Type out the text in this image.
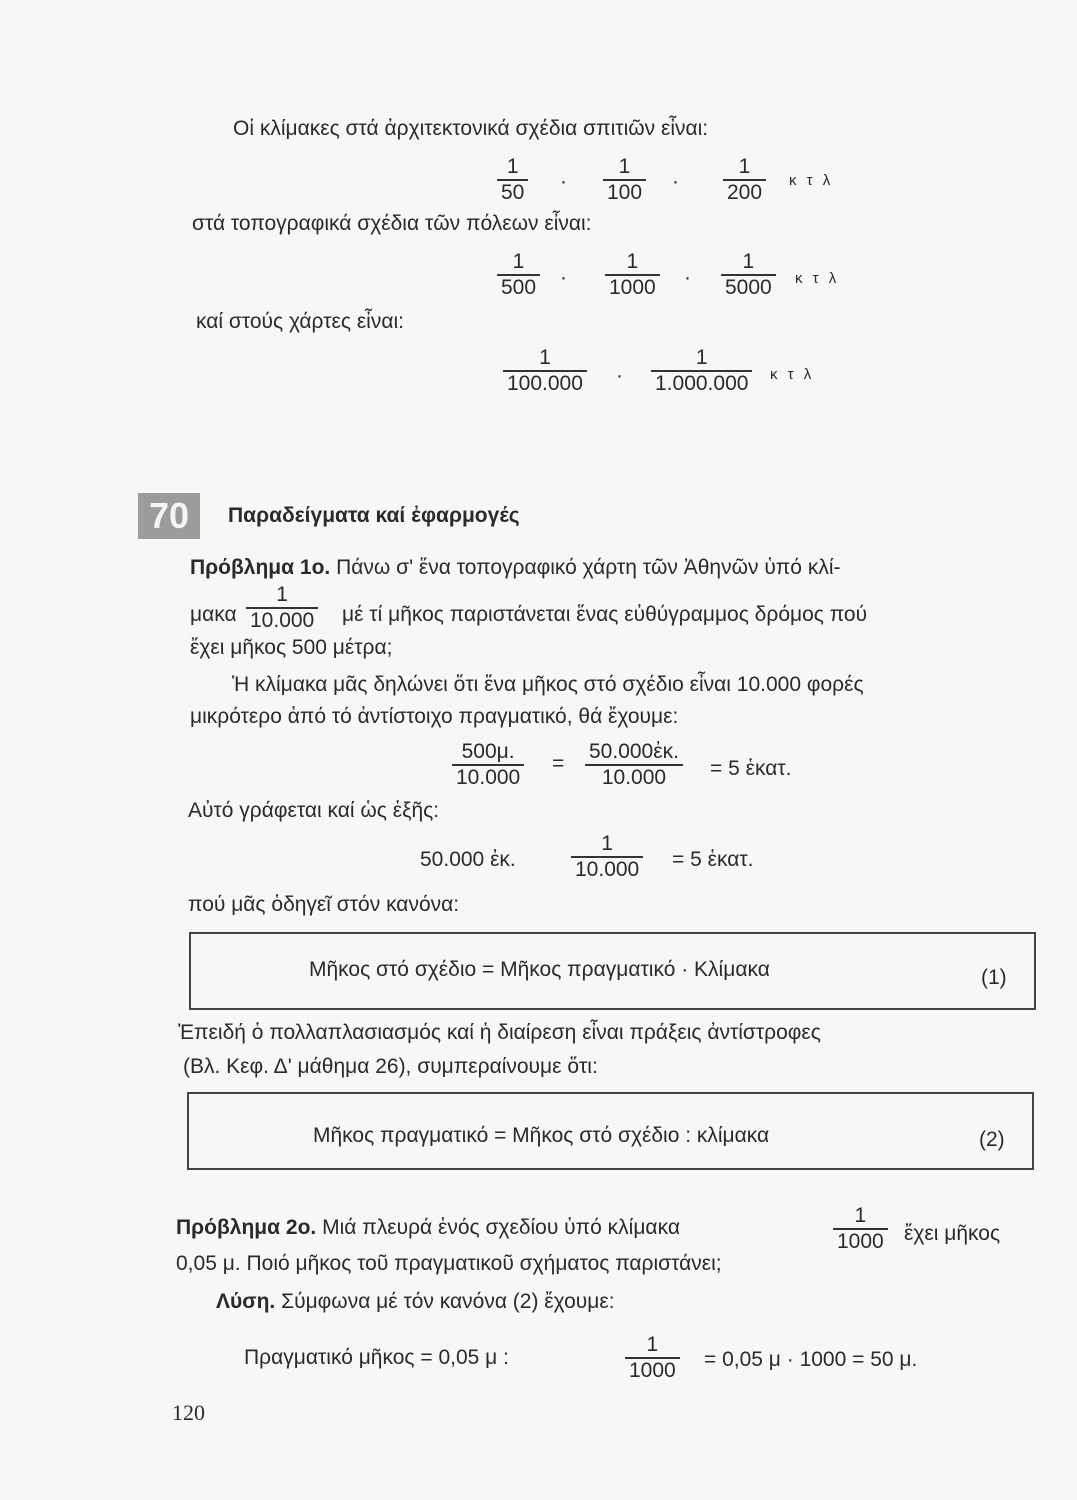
Οἱ κλίμακες στά ἀρχιτεκτονικά σχέδια σπιτιῶν εἶναι:
$\frac{1}{50} \cdot \frac{1}{100} \cdot \frac{1}{200}$ κ τ λ
στά τοπογραφικά σχέδια τῶν πόλεων εἶναι:
$\frac{1}{500} \cdot \frac{1}{1000} \cdot \frac{1}{5000}$ κ τ λ
καί στούς χάρτες εἶναι:
$\frac{1}{100.000} \cdot \frac{1}{1.000.000}$ κ τ λ
70	Παραδείγματα καί ἐφαρμογές
Πρόβλημα 1ο. Πάνω σ' ἕνα τοπογραφικό χάρτη τῶν Ἀθηνῶν ὑπό κλί-
μακα $\frac{1}{10.000}$ μέ τί μῆκος παριστάνεται ἕνας εὐθύγραμμος δρόμος πού
ἔχει μῆκος 500 μέτρα;
Ἡ κλίμακα μᾶς δηλώνει ὅτι ἕνα μῆκος στό σχέδιο εἶναι 10.000 φορές
μικρότερο ἀπό τό ἀντίστοιχο πραγματικό, θά ἔχουμε:
$\frac{500\mu.}{10.000} = \frac{\text{50.000ἐκ.}}{10.000} = 5$ ἑκατ.
Αὐτό γράφεται καί ὡς ἑξῆς:
50.000 ἐκ.	$\frac{1}{10.000} = 5$ ἑκατ.
πού μᾶς ὁδηγεῖ στόν κανόνα:
Μῆκος στό σχέδιο = Μῆκος πραγματικό · Κλίμακα	(1)
Ἐπειδή ὁ πολλαπλασιασμός καί ἡ διαίρεση εἶναι πράξεις ἀντίστροφες
(Βλ. Κεφ. Δ' μάθημα 26), συμπεραίνουμε ὅτι:
Μῆκος πραγματικό = Μῆκος στό σχέδιο : κλίμακα	(2)
Πρόβλημα 2ο. Μιά πλευρά ἑνός σχεδίου ὑπό κλίμακα	$\frac{1}{1000}$ ἔχει μῆκος
0,05 μ. Ποιό μῆκος τοῦ πραγματικοῦ σχήματος παριστάνει;
Λύση. Σύμφωνα μέ τόν κανόνα (2) ἔχουμε:
Πραγματικό μῆκος = 0,05 μ :	$\frac{1}{1000} = 0,05$ μ · 1000 = 50 μ.
120
